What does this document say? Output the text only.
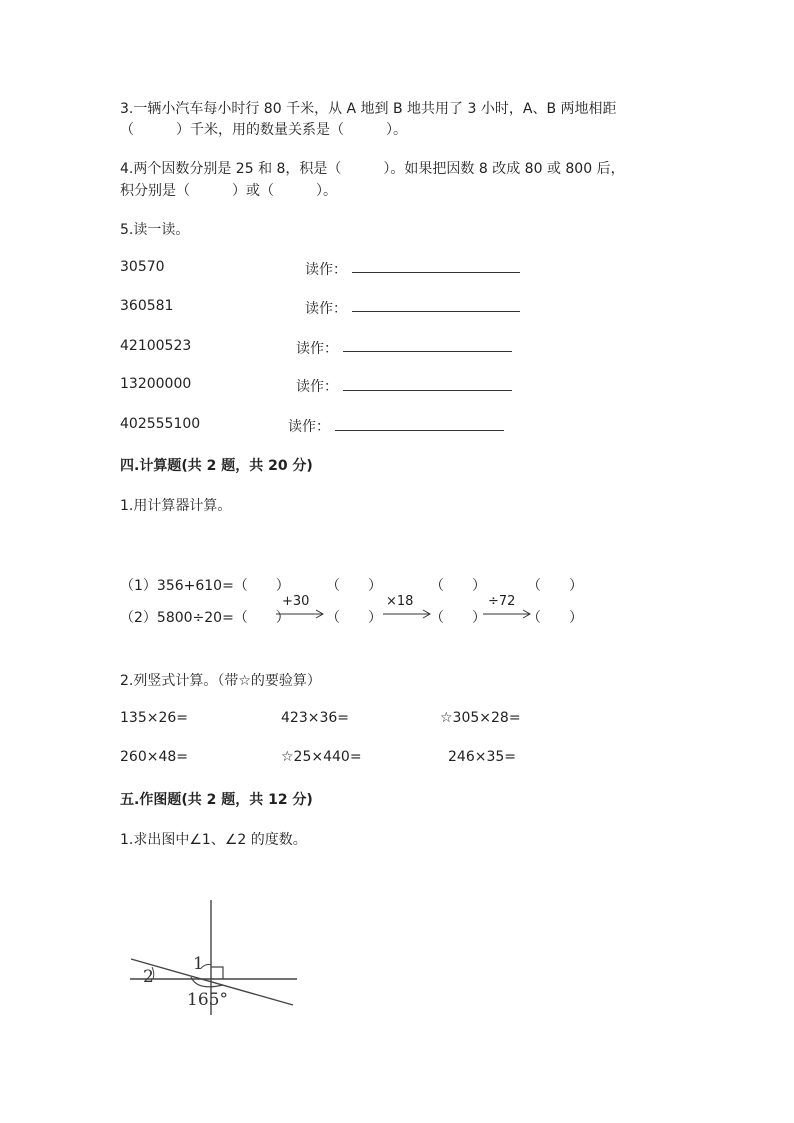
3.一辆小汽车每小时行 80 千米，从 A 地到 B 地共用了 3 小时，A、B 两地相距
（　　　）千米，用的数量关系是（　　　）。
4.两个因数分别是 25 和 8，积是（　　　）。如果把因数 8 改成 80 或 800 后，
积分别是（　　　）或（　　　）。
5.读一读。
30570	读作：
360581	读作：
42100523	读作：
13200000	读作：
402555100	读作：
四.计算题(共 2 题，共 20 分)
1.用计算器计算。
（1）356+610=（　　）	（　　）	（　　）	（　　）
（2）5800÷20=（　　）	（　　）	（　　）	（　　）
+30	×18	÷72
2.列竖式计算。（带☆的要验算）
135×26=	423×36=	☆305×28=
260×48=	☆25×440=	246×35=
五.作图题(共 2 题，共 12 分)
1.求出图中∠1、∠2 的度数。
1
2
165°
